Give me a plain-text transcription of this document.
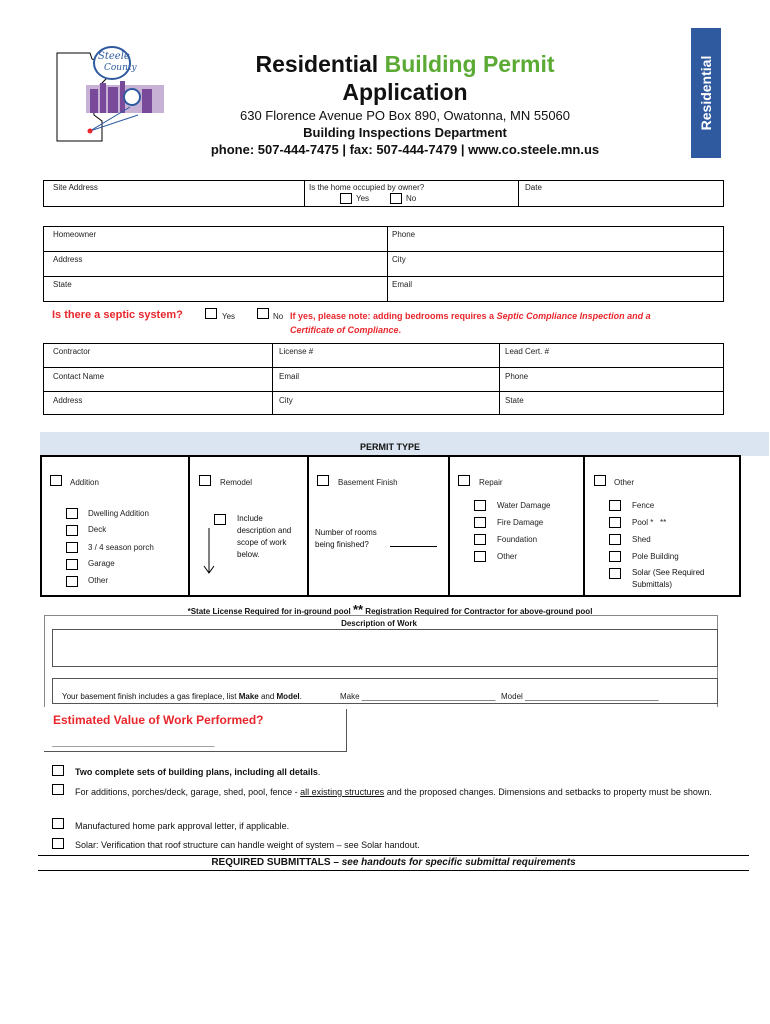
Steele
County	Residential Building Permit
Application
630 Florence Avenue PO Box 890, Owatonna, MN 55060
Building Inspections Department
phone: 507-444-7475 | fax: 507-444-7479 | www.co.steele.mn.us
Residential
Site Address	Is the home occupied by owner?
Yes	No
Date
Homeowner	Phone
Address	City
State	Email
Is there a septic system?	Yes	No If yes, please note: adding bedrooms requires a Septic Compliance Inspection and a
Certificate of Compliance.
Contractor	License #	Lead Cert. #
Contact Name	Email	Phone
Address	City	State
PERMIT TYPE
Addition
Dwelling Addition
Deck
3 / 4 season porch
Garage
Other
Remodel
Include description and scope of work below.
Basement Finish
Number of rooms being finished?
Repair
Water Damage
Fire Damage
Foundation
Other
Other
Fence
Pool *   **
Shed
Pole Building
Solar (See Required Submittals)
*State License Required for in-ground pool ** Registration Required for Contractor for above-ground pool
Description of Work
Your basement finish includes a gas fireplace, list Make and Model.	Make ______________________________ Model ______________________________
Estimated Value of Work Performed?
_________________________________________
Two complete sets of building plans, including all details.
For additions, porches/deck, garage, shed, pool, fence - all existing structures and the proposed changes. Dimensions and setbacks to property must be shown.
Manufactured home park approval letter, if applicable.
Solar: Verification that roof structure can handle weight of system – see Solar handout.
REQUIRED SUBMITTALS – see handouts for specific submittal requirements
